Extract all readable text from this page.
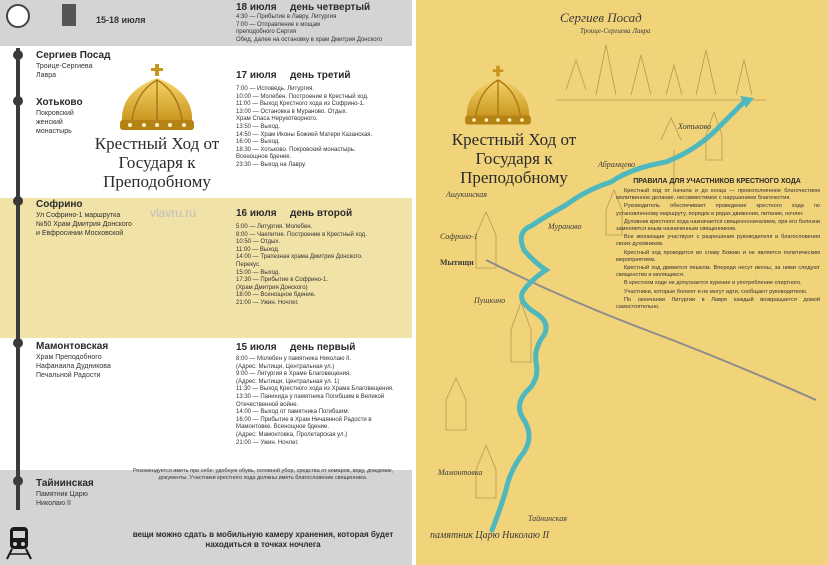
15-18 июля
Сергиев Посад
Троице-Сергиева Лавра
Хотьково
Покровский женский монастырь
Софрино
Ул Софрино-1 маршрутка №50 Храм Дмитрия Донского и Евфросинии Московской
Мамонтовская
Храм Преподобного Нафанаила Дудникова Печальной Радости
Тайнинская
Памятник Царю Николаю II
Крестный Ход от Государя к Преподобному
vlavru.ru
18 июля день четвертый
4:30 — Прибытие в Лавру, Литургия
7:00 — Отправление к мощам
преподобного Сергия
Обед, далее на остановку в храм Дмитрия Донского
17 июля день третий
7:00 — Исповедь. Литургия.
10:00 — Молебен. Построение в Крестный ход.
11:00 — Выход Крестного хода из Софрино-1.
13:00 — Остановка в Мураново. Отдых.
Храм Спаса Нерукотворного.
13:50 — Выход.
14:50 — Храм Иконы Божией Матери Казанская.
16:00 — Выход.
18:30 — Хотьково. Покровский монастырь.
Всенощное бдение.
23:30 — Выход на Лавру.
16 июля день второй
5:00 — Литургия. Молебен.
8:00 — Чаепитие. Построение в Крестный ход.
10:50 — Отдых.
11:00 — Выход.
14:00 — Трапезная храма Дмитрия Донского.
Перекус.
15:00 — Выход.
17:30 — Прибытие в Софрино-1.
(Храм Дмитрия Донского)
18:00 — Всенощное бдение.
21:00 — Ужин. Ночлег.
15 июля день первый
8:00 — Молебен у памятника Николаю II.
(Адрес: Мытищи, Центральная ул.)
9:00 — Литургия в Храме Благовещения.
(Адрес: Мытищи, Центральная ул. 1)
11:30 — Выход Крестного хода из Храма Благовещения.
13:30 — Панихида у памятника Погибшим в Великой Отечественной войне.
14:00 — Выход от памятника Погибшим.
16:00 — Прибытие в Храм Нечаянной Радости в Мамонтовке. Всенощное бдение.
(Адрес: Мамонтовка, Пролетарская ул.)
21:00 — Ужин. Ночлег.
Рекомендуется иметь при себе: удобную обувь, головной убор, средства от комаров, воду, дождевик, документы. Участники крестного хода должны иметь благословение священника.
вещи можно сдать в мобильную камеру хранения, которая будет находиться в точках ночлега
Сергиев Посад
Троице-Сергиева Лавра
Крестный Ход от Государя к Преподобному
Хотьково
Абрамцево
Ашукинская
Мураново
Софрино-1
Пушкино
Мытищи
Мамонтовка
Тайнинская
памятник Царю Николаю II
ПРАВИЛА ДЛЯ УЧАСТНИКОВ КРЕСТНОГО ХОДА

Крестный ход от начала и до конца — преисполненное благочестием молитвенное делание, несовместимое с нарушением благочестия.

Руководитель обеспечивает проведение крестного хода по установленному маршруту, порядок в рядах движения, питание, ночлег.

Духовник крестного хода назначается священноначалием, при его болезни заменяется иным назначенным священником.

Все желающие участвуют с разрешения руководителя и благословения своих духовников.

Крестный ход проводится во славу Божию и не является политическим мероприятием.

Крестный ход движется пешком. Впереди несут иконы, за ними следуют священство и молящиеся.

В крестном ходе не допускается курение и употребление спиртного.

Участники, которые болеют и не могут идти, сообщают руководителю.

По окончании Литургии в Лавре каждый возвращается домой самостоятельно.
